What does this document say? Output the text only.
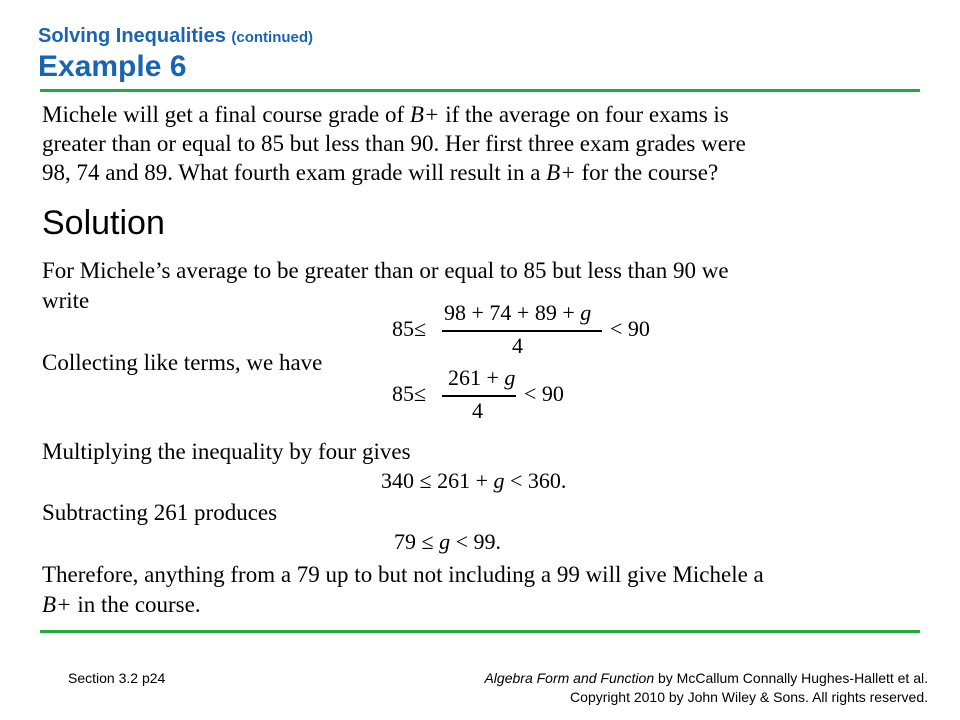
Solving Inequalities (continued)
Example 6
Michele will get a final course grade of B+ if the average on four exams is
greater than or equal to 85 but less than 90. Her first three exam grades were
98, 74 and 89. What fourth exam grade will result in a B+ for the course?
Solution
For Michele’s average to be greater than or equal to 85 but less than 90 we
write
85≤
98 + 74 + 89 + g
4
< 90
Collecting like terms, we have
85≤
261 + g
4
< 90
Multiplying the inequality by four gives
340 ≤ 261 + g < 360.
Subtracting 261 produces
79 ≤ g < 99.
Therefore, anything from a 79 up to but not including a 99 will give Michele a
B+ in the course.
Section 3.2 p24	Algebra Form and Function by McCallum Connally Hughes-Hallett et al.
Copyright 2010 by John Wiley & Sons. All rights reserved.
